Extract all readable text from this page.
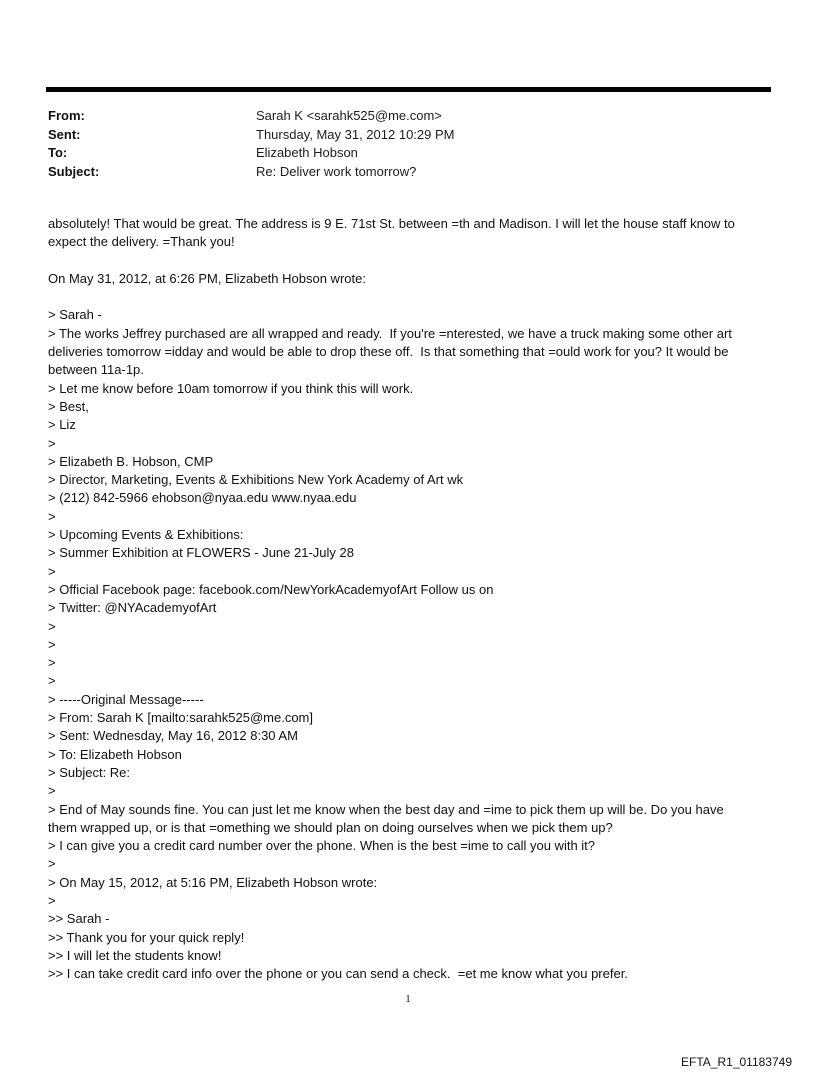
From:	Sarah K <sarahk525@me.com>
Sent:	Thursday, May 31, 2012 10:29 PM
To:	Elizabeth Hobson
Subject:	Re: Deliver work tomorrow?
absolutely! That would be great. The address is 9 E. 71st St. between =th and Madison. I will let the house staff know to
expect the delivery. =Thank you!
On May 31, 2012, at 6:26 PM, Elizabeth Hobson wrote:
> Sarah -
> The works Jeffrey purchased are all wrapped and ready.  If you're =nterested, we have a truck making some other art
deliveries tomorrow =idday and would be able to drop these off.  Is that something that =ould work for you? It would be
between 11a-1p.
> Let me know before 10am tomorrow if you think this will work.
> Best,
> Liz
>
> Elizabeth B. Hobson, CMP
> Director, Marketing, Events & Exhibitions New York Academy of Art wk
> (212) 842-5966 ehobson@nyaa.edu www.nyaa.edu
>
> Upcoming Events & Exhibitions:
> Summer Exhibition at FLOWERS - June 21-July 28
>
> Official Facebook page: facebook.com/NewYorkAcademyofArt Follow us on
> Twitter: @NYAcademyofArt
>
>
>
>
> -----Original Message-----
> From: Sarah K [mailto:sarahk525@me.com]
> Sent: Wednesday, May 16, 2012 8:30 AM
> To: Elizabeth Hobson
> Subject: Re:
>
> End of May sounds fine. You can just let me know when the best day and =ime to pick them up will be. Do you have
them wrapped up, or is that =omething we should plan on doing ourselves when we pick them up?
> I can give you a credit card number over the phone. When is the best =ime to call you with it?
>
> On May 15, 2012, at 5:16 PM, Elizabeth Hobson wrote:
>
>> Sarah -
>> Thank you for your quick reply!
>> I will let the students know!
>> I can take credit card info over the phone or you can send a check.  =et me know what you prefer.
1
EFTA_R1_01183749
